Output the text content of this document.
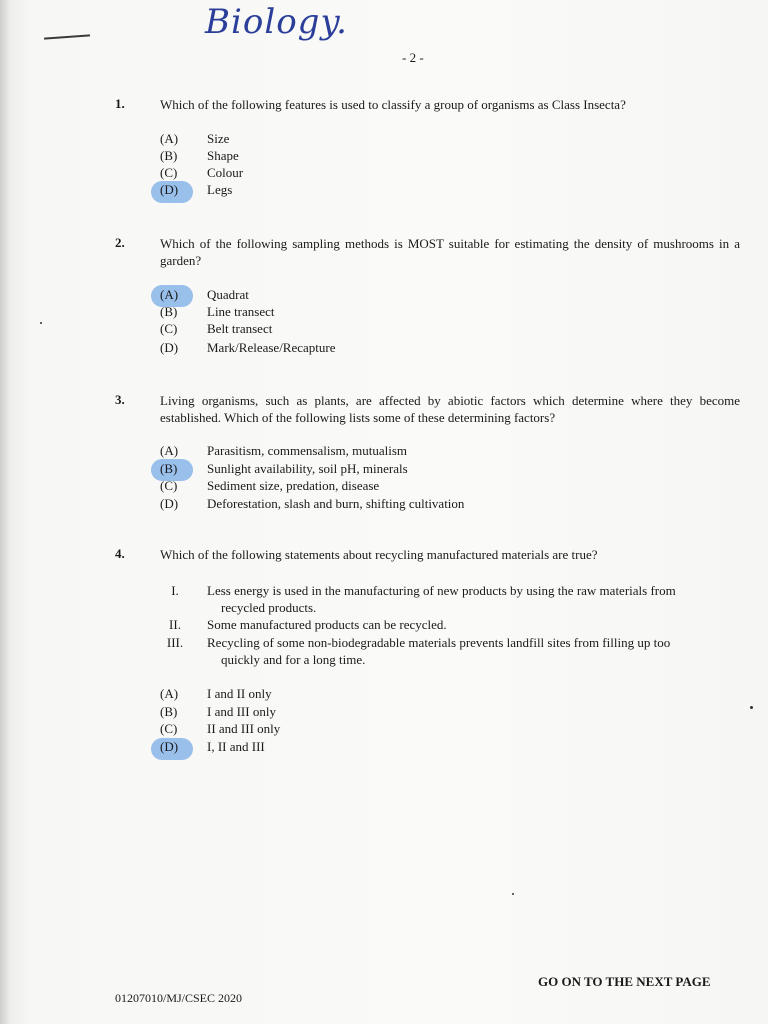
Biology.
- 2 -
1.	Which of the following features is used to classify a group of organisms as Class Insecta?
(A) Size
(B) Shape
(C) Colour
(D) Legs
2.	Which of the following sampling methods is MOST suitable for estimating the density of mushrooms in a garden?
(A) Quadrat
(B) Line transect
(C) Belt transect
(D) Mark/Release/Recapture
3.	Living organisms, such as plants, are affected by abiotic factors which determine where they become established. Which of the following lists some of these determining factors?
(A) Parasitism, commensalism, mutualism
(B) Sunlight availability, soil pH, minerals
(C) Sediment size, predation, disease
(D) Deforestation, slash and burn, shifting cultivation
4.	Which of the following statements about recycling manufactured materials are true?
I.	Less energy is used in the manufacturing of new products by using the raw materials from
recycled products.
II.	Some manufactured products can be recycled.
III.	Recycling of some non-biodegradable materials prevents landfill sites from filling up too
quickly and for a long time.
(A) I and II only
(B) I and III only
(C) II and III only
(D) I, II and III
GO ON TO THE NEXT PAGE
01207010/MJ/CSEC 2020
